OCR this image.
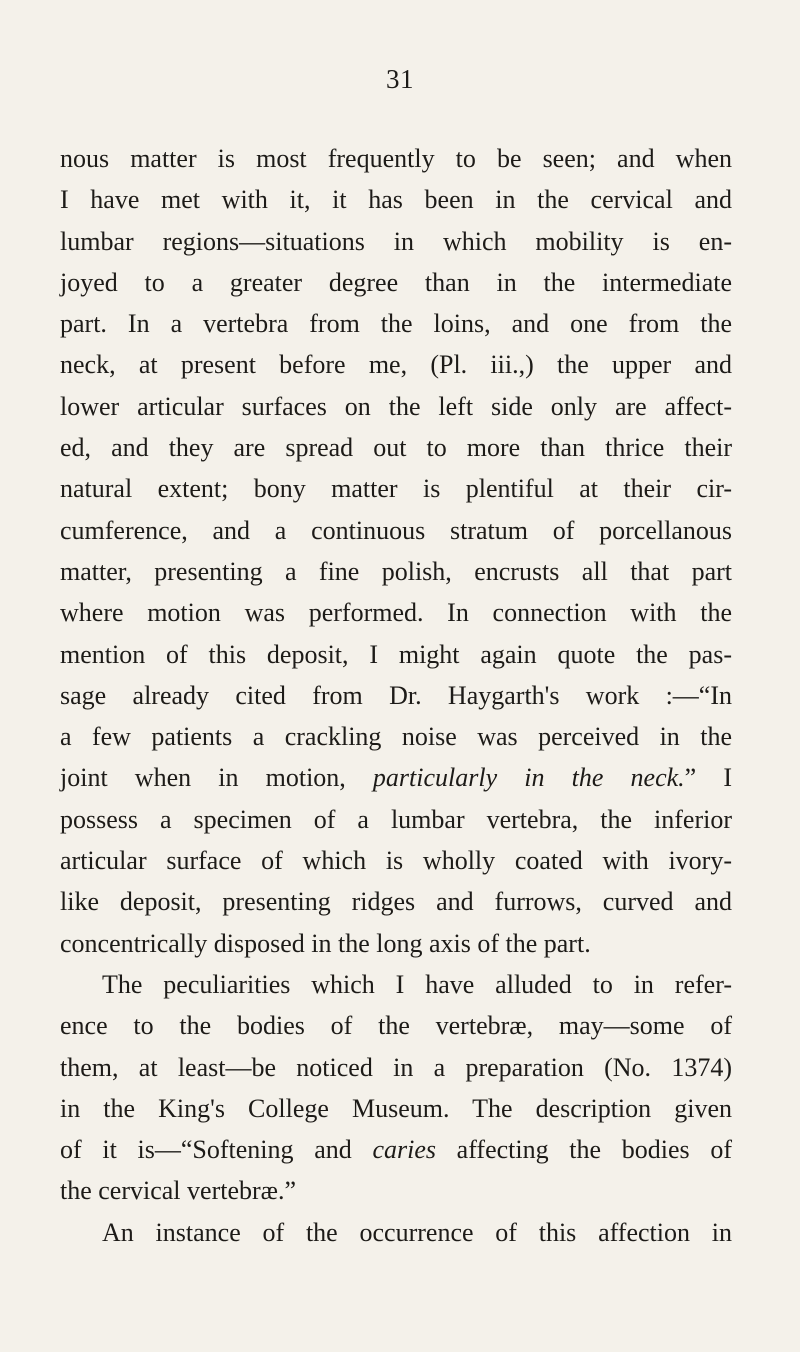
31
nous matter is most frequently to be seen; and when
I have met with it, it has been in the cervical and
lumbar regions—situations in which mobility is en-
joyed to a greater degree than in the intermediate
part. In a vertebra from the loins, and one from the
neck, at present before me, (Pl. iii.,) the upper and
lower articular surfaces on the left side only are affect-
ed, and they are spread out to more than thrice their
natural extent; bony matter is plentiful at their cir-
cumference, and a continuous stratum of porcellanous
matter, presenting a fine polish, encrusts all that part
where motion was performed. In connection with the
mention of this deposit, I might again quote the pas-
sage already cited from Dr. Haygarth's work :—“In
a few patients a crackling noise was perceived in the
joint when in motion, particularly in the neck.” I
possess a specimen of a lumbar vertebra, the inferior
articular surface of which is wholly coated with ivory-
like deposit, presenting ridges and furrows, curved and
concentrically disposed in the long axis of the part.
The peculiarities which I have alluded to in refer-
ence to the bodies of the vertebræ, may—some of
them, at least—be noticed in a preparation (No. 1374)
in the King's College Museum. The description given
of it is—“Softening and caries affecting the bodies of
the cervical vertebræ.”
An instance of the occurrence of this affection in
